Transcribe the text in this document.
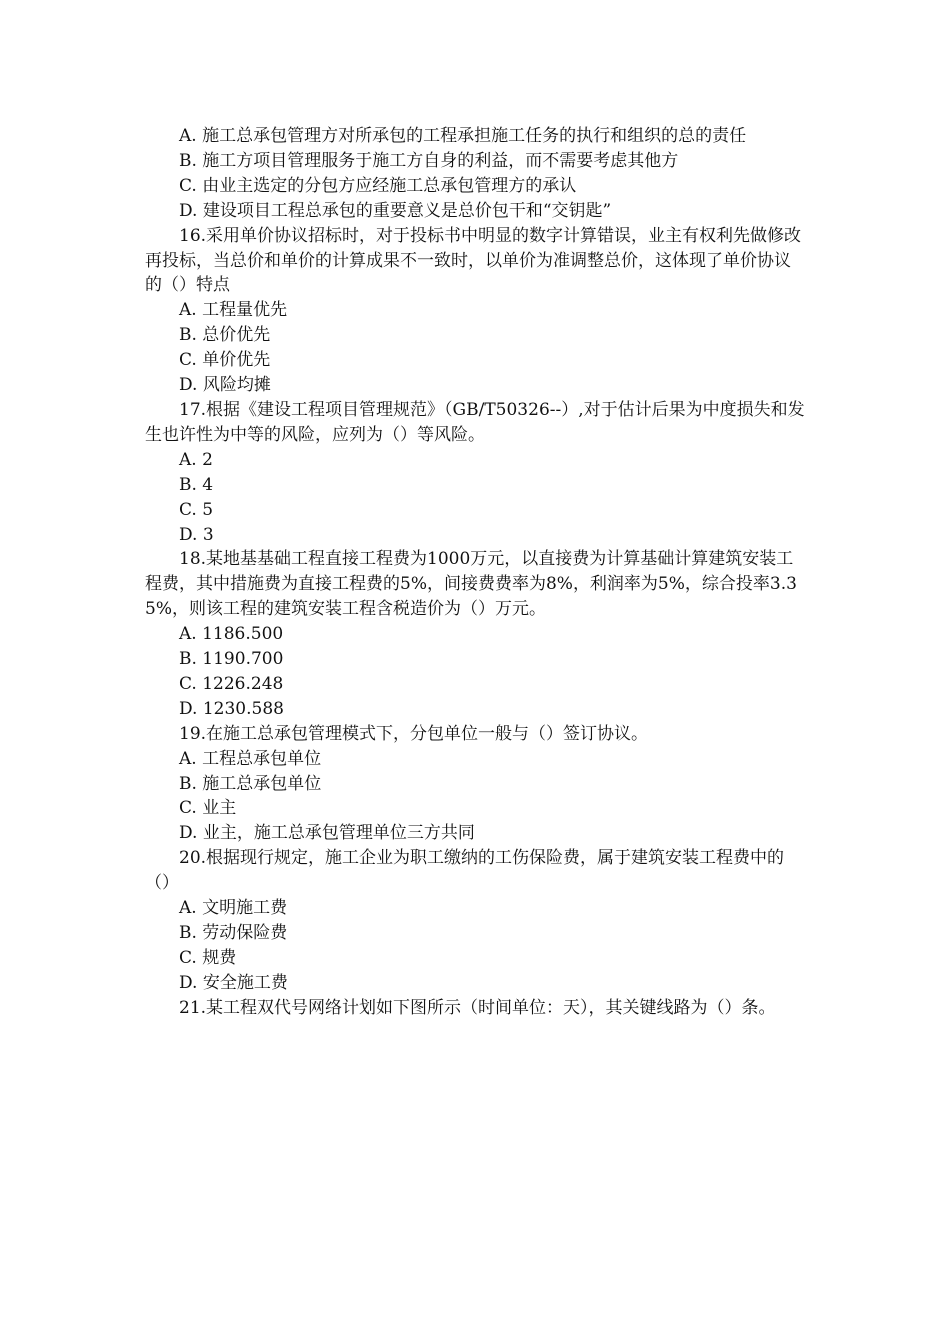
A. 施工总承包管理方对所承包的工程承担施工任务的执行和组织的总的责任

B. 施工方项目管理服务于施工方自身的利益，而不需要考虑其他方

C. 由业主选定的分包方应经施工总承包管理方的承认

D. 建设项目工程总承包的重要意义是总价包干和“交钥匙”

16.采用单价协议招标时，对于投标书中明显的数字计算错误，业主有权利先做修改再投标，当总价和单价的计算成果不一致时，以单价为准调整总价，这体现了单价协议的（）特点

A. 工程量优先

B. 总价优先

C. 单价优先

D. 风险均摊

17.根据《建设工程项目管理规范》（GB/T50326--）,对于估计后果为中度损失和发生也许性为中等的风险，应列为（）等风险。

A. 2

B. 4

C. 5

D. 3

18.某地基基础工程直接工程费为1000万元，以直接费为计算基础计算建筑安装工程费，其中措施费为直接工程费的5%，间接费费率为8%，利润率为5%，综合投率3.35%，则该工程的建筑安装工程含税造价为（）万元。

A. 1186.500

B. 1190.700

C. 1226.248

D. 1230.588

19.在施工总承包管理模式下，分包单位一般与（）签订协议。

A. 工程总承包单位

B. 施工总承包单位

C. 业主

D. 业主，施工总承包管理单位三方共同

20.根据现行规定，施工企业为职工缴纳的工伤保险费，属于建筑安装工程费中的（）

A. 文明施工费

B. 劳动保险费

C. 规费

D. 安全施工费

21.某工程双代号网络计划如下图所示（时间单位：天），其关键线路为（）条。
